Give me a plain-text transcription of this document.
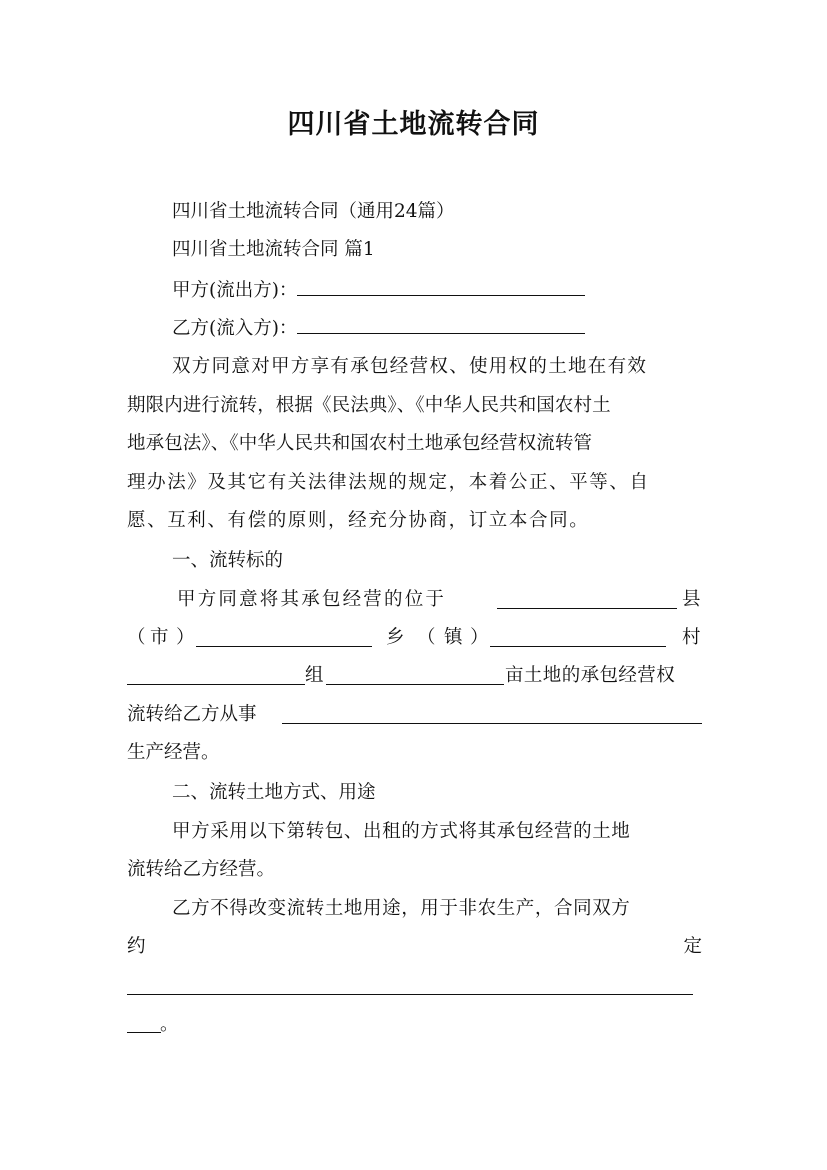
四川省土地流转合同
四川省土地流转合同（通用24篇）
四川省土地流转合同 篇1
甲方(流出方)：
乙方(流入方)：
双方同意对甲方享有承包经营权、使用权的土地在有效
期限内进行流转，根据《民法典》、《中华人民共和国农村土
地承包法》、《中华人民共和国农村土地承包经营权流转管
理办法》及其它有关法律法规的规定，本着公正、平等、自
愿、互利、有偿的原则，经充分协商，订立本合同。
一、流转标的
甲方同意将其承包经营的位于	县
（ 市 ）	乡 （ 镇 ）	村
组	亩土地的承包经营权
流转给乙方从事
生产经营。
二、流转土地方式、用途
甲方采用以下第转包、出租的方式将其承包经营的土地
流转给乙方经营。
乙方不得改变流转土地用途，用于非农生产，合同双方
约	定
。
